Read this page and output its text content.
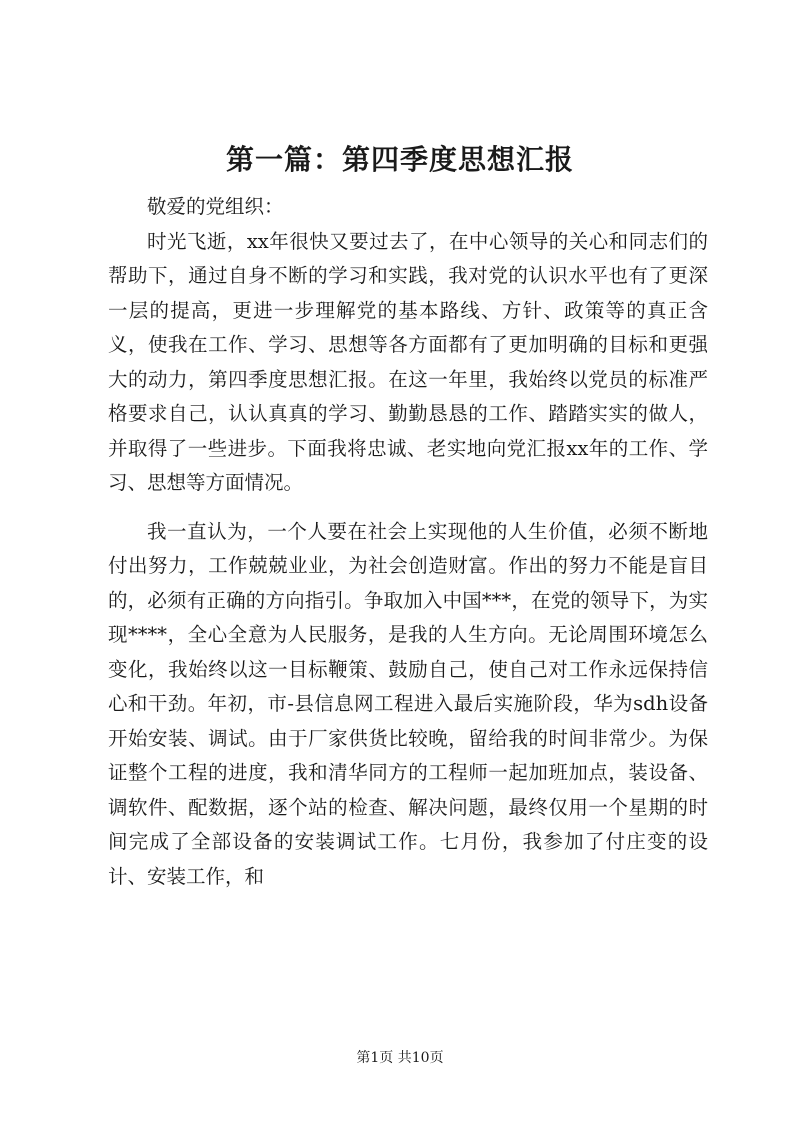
第一篇：第四季度思想汇报

敬爱的党组织：

时光飞逝，xx年很快又要过去了，在中心领导的关心和同志们的帮助下，通过自身不断的学习和实践，我对党的认识水平也有了更深一层的提高，更进一步理解党的基本路线、方针、政策等的真正含义，使我在工作、学习、思想等各方面都有了更加明确的目标和更强大的动力，第四季度思想汇报。在这一年里，我始终以党员的标准严格要求自己，认认真真的学习、勤勤恳恳的工作、踏踏实实的做人，并取得了一些进步。下面我将忠诚、老实地向党汇报xx年的工作、学习、思想等方面情况。

我一直认为，一个人要在社会上实现他的人生价值，必须不断地付出努力，工作兢兢业业，为社会创造财富。作出的努力不能是盲目的，必须有正确的方向指引。争取加入中国***，在党的领导下，为实现****，全心全意为人民服务，是我的人生方向。无论周围环境怎么变化，我始终以这一目标鞭策、鼓励自己，使自己对工作永远保持信心和干劲。年初，市-县信息网工程进入最后实施阶段，华为sdh设备开始安装、调试。由于厂家供货比较晚，留给我的时间非常少。为保证整个工程的进度，我和清华同方的工程师一起加班加点，装设备、调软件、配数据，逐个站的检查、解决问题，最终仅用一个星期的时间完成了全部设备的安装调试工作。七月份，我参加了付庄变的设计、安装工作，和

第1页 共10页
